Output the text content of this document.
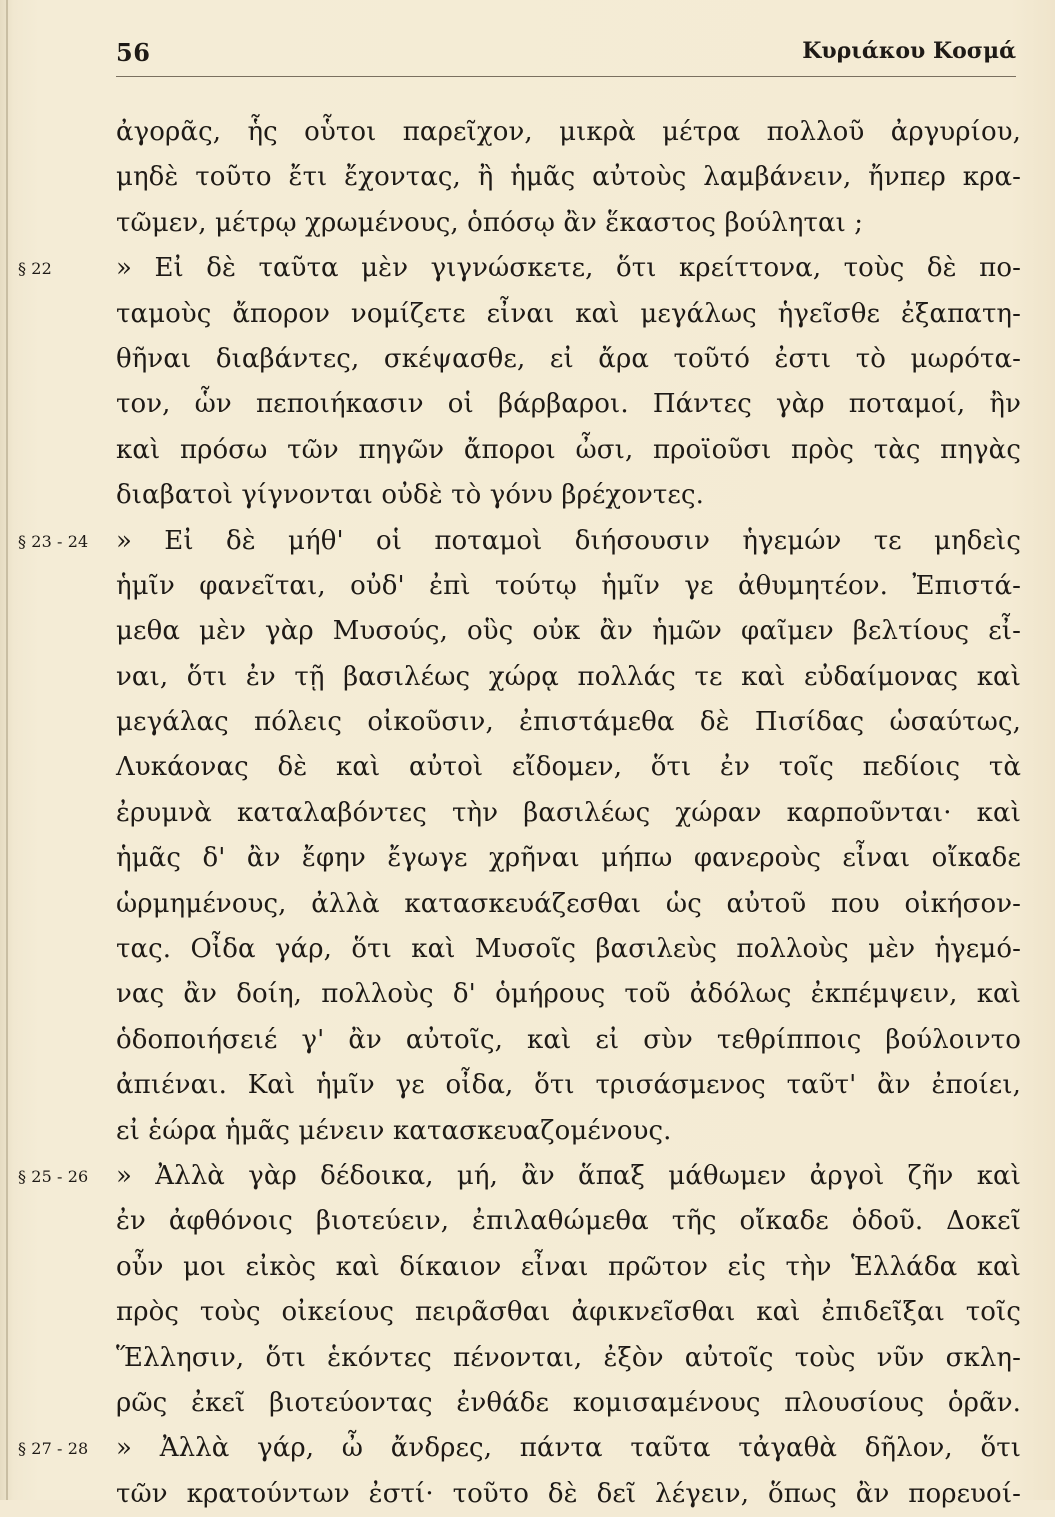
56	Κυριάκου Κοσμά
ἀγορᾶς, ἧς οὗτοι παρεῖχον, μικρὰ μέτρα πολλοῦ ἀργυρίου,
μηδὲ τοῦτο ἔτι ἔχοντας, ἢ ἡμᾶς αὐτοὺς λαμβάνειν, ἤνπερ κρα-
τῶμεν, μέτρῳ χρωμένους, ὁπόσῳ ἂν ἕκαστος βούληται ;
§ 22 » Εἰ δὲ ταῦτα μὲν γιγνώσκετε, ὅτι κρείττονα, τοὺς δὲ πο-
ταμοὺς ἄπορον νομίζετε εἶναι καὶ μεγάλως ἡγεῖσθε ἐξαπατη-
θῆναι διαβάντες, σκέψασθε, εἰ ἄρα τοῦτό ἐστι τὸ μωρότα-
τον, ὧν πεποιήκασιν οἱ βάρβαροι. Πάντες γὰρ ποταμοί, ἢν
καὶ πρόσω τῶν πηγῶν ἄποροι ὦσι, προϊοῦσι πρὸς τὰς πηγὰς
διαβατοὶ γίγνονται οὐδὲ τὸ γόνυ βρέχοντες.
§ 23 - 24 » Εἰ δὲ μήθ' οἱ ποταμοὶ διήσουσιν ἡγεμών τε μηδεὶς
ἡμῖν φανεῖται, οὐδ' ἐπὶ τούτῳ ἡμῖν γε ἀθυμητέον. Ἐπιστά-
μεθα μὲν γὰρ Μυσούς, οὓς οὐκ ἂν ἡμῶν φαῖμεν βελτίους εἶ-
ναι, ὅτι ἐν τῇ βασιλέως χώρᾳ πολλάς τε καὶ εὐδαίμονας καὶ
μεγάλας πόλεις οἰκοῦσιν, ἐπιστάμεθα δὲ Πισίδας ὡσαύτως,
Λυκάονας δὲ καὶ αὐτοὶ εἴδομεν, ὅτι ἐν τοῖς πεδίοις τὰ
ἐρυμνὰ καταλαβόντες τὴν βασιλέως χώραν καρποῦνται· καὶ
ἡμᾶς δ' ἂν ἔφην ἔγωγε χρῆναι μήπω φανεροὺς εἶναι οἴκαδε
ὡρμημένους, ἀλλὰ κατασκευάζεσθαι ὡς αὐτοῦ που οἰκήσον-
τας. Οἶδα γάρ, ὅτι καὶ Μυσοῖς βασιλεὺς πολλοὺς μὲν ἡγεμό-
νας ἂν δοίη, πολλοὺς δ' ὁμήρους τοῦ ἀδόλως ἐκπέμψειν, καὶ
ὁδοποιήσειέ γ' ἂν αὐτοῖς, καὶ εἰ σὺν τεθρίπποις βούλοιντο
ἀπιέναι. Καὶ ἡμῖν γε οἶδα, ὅτι τρισάσμενος ταῦτ' ἂν ἐποίει,
εἰ ἑώρα ἡμᾶς μένειν κατασκευαζομένους.
§ 25 - 26 » Ἀλλὰ γὰρ δέδοικα, μή, ἂν ἅπαξ μάθωμεν ἀργοὶ ζῆν καὶ
ἐν ἀφθόνοις βιοτεύειν, ἐπιλαθώμεθα τῆς οἴκαδε ὁδοῦ. Δοκεῖ
οὖν μοι εἰκὸς καὶ δίκαιον εἶναι πρῶτον εἰς τὴν Ἑλλάδα καὶ
πρὸς τοὺς οἰκείους πειρᾶσθαι ἀφικνεῖσθαι καὶ ἐπιδεῖξαι τοῖς
Ἕλλησιν, ὅτι ἑκόντες πένονται, ἐξὸν αὐτοῖς τοὺς νῦν σκλη-
ρῶς ἐκεῖ βιοτεύοντας ἐνθάδε κομισαμένους πλουσίους ὁρᾶν.
§ 27 - 28 » Ἀλλὰ γάρ, ὦ ἄνδρες, πάντα ταῦτα τἀγαθὰ δῆλον, ὅτι
τῶν κρατούντων ἐστί· τοῦτο δὲ δεῖ λέγειν, ὅπως ἂν πορευοί-
